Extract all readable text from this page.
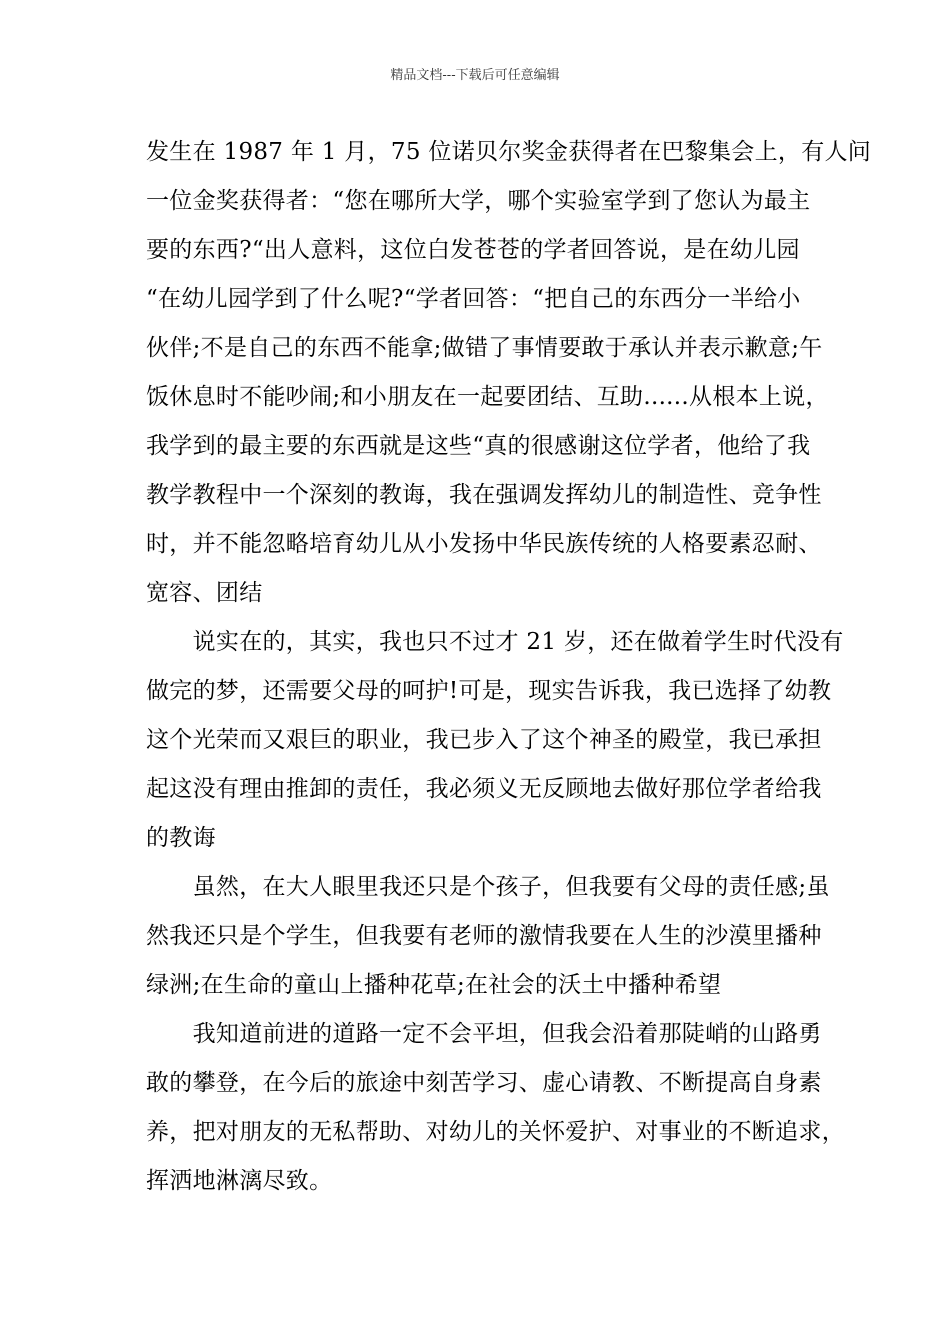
精品文档---下载后可任意编辑
发生在 1987 年 1 月，75 位诺贝尔奖金获得者在巴黎集会上，有人问
一位金奖获得者：“您在哪所大学，哪个实验室学到了您认为最主
要的东西?“出人意料，这位白发苍苍的学者回答说，是在幼儿园
“在幼儿园学到了什么呢?“学者回答：“把自己的东西分一半给小
伙伴;不是自己的东西不能拿;做错了事情要敢于承认并表示歉意;午
饭休息时不能吵闹;和小朋友在一起要团结、互助......从根本上说，
我学到的最主要的东西就是这些“真的很感谢这位学者，他给了我
教学教程中一个深刻的教诲，我在强调发挥幼儿的制造性、竞争性
时，并不能忽略培育幼儿从小发扬中华民族传统的人格要素忍耐、
宽容、团结
　　说实在的，其实，我也只不过才 21 岁，还在做着学生时代没有
做完的梦，还需要父母的呵护!可是，现实告诉我，我已选择了幼教
这个光荣而又艰巨的职业，我已步入了这个神圣的殿堂，我已承担
起这没有理由推卸的责任，我必须义无反顾地去做好那位学者给我
的教诲
　　虽然，在大人眼里我还只是个孩子，但我要有父母的责任感;虽
然我还只是个学生，但我要有老师的激情我要在人生的沙漠里播种
绿洲;在生命的童山上播种花草;在社会的沃土中播种希望
　　我知道前进的道路一定不会平坦，但我会沿着那陡峭的山路勇
敢的攀登，在今后的旅途中刻苦学习、虚心请教、不断提高自身素
养，把对朋友的无私帮助、对幼儿的关怀爱护、对事业的不断追求，
挥洒地淋漓尽致。
